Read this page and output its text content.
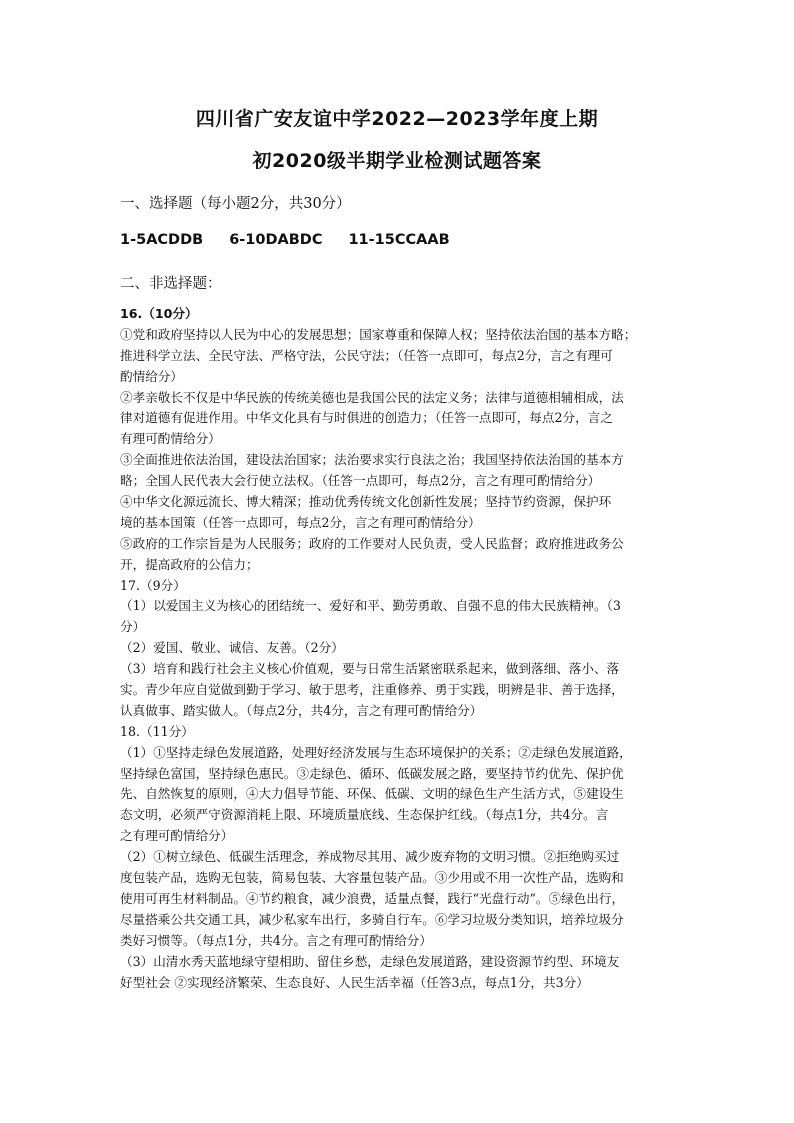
四川省广安友谊中学2022—2023学年度上期
初2020级半期学业检测试题答案
一、选择题（每小题2分，共30分）
1-5ACDDB 6-10DABDC 11-15CCAAB
二、非选择题：
16.（10分）
①党和政府坚持以人民为中心的发展思想；国家尊重和保障人权；坚持依法治国的基本方略；
推进科学立法、全民守法、严格守法，公民守法；（任答一点即可，每点2分，言之有理可
酌情给分）
②孝亲敬长不仅是中华民族的传统美德也是我国公民的法定义务；法律与道德相辅相成，法
律对道德有促进作用。中华文化具有与时俱进的创造力；（任答一点即可，每点2分，言之
有理可酌情给分）
③全面推进依法治国，建设法治国家；法治要求实行良法之治；我国坚持依法治国的基本方
略；全国人民代表大会行使立法权。（任答一点即可，每点2分，言之有理可酌情给分）
④中华文化源远流长、博大精深；推动优秀传统文化创新性发展；坚持节约资源，保护环
境的基本国策（任答一点即可，每点2分，言之有理可酌情给分）
⑤政府的工作宗旨是为人民服务；政府的工作要对人民负责，受人民监督；政府推进政务公
开，提高政府的公信力；
17.（9分）
（1）以爱国主义为核心的团结统一、爱好和平、勤劳勇敢、自强不息的伟大民族精神。（3
分）
（2）爱国、敬业、诚信、友善。（2分）
（3）培育和践行社会主义核心价值观，要与日常生活紧密联系起来，做到落细、落小、落
实。青少年应自觉做到勤于学习、敏于思考，注重修养、勇于实践，明辨是非、善于选择，
认真做事、踏实做人。（每点2分，共4分，言之有理可酌情给分）
18.（11分）
（1）①坚持走绿色发展道路，处理好经济发展与生态环境保护的关系；②走绿色发展道路，
坚持绿色富国，坚持绿色惠民。③走绿色、循环、低碳发展之路，要坚持节约优先、保护优
先、自然恢复的原则，④大力倡导节能、环保、低碳、文明的绿色生产生活方式，⑤建设生
态文明，必须严守资源消耗上限、环境质量底线、生态保护红线。（每点1分，共4分。言
之有理可酌情给分）
（2）①树立绿色、低碳生活理念，养成物尽其用、减少废弃物的文明习惯。②拒绝购买过
度包装产品，选购无包装，简易包装、大容量包装产品。③少用或不用一次性产品，选购和
使用可再生材料制品。④节约粮食，减少浪费，适量点餐，践行“光盘行动”。⑤绿色出行，
尽量搭乘公共交通工具，减少私家车出行，多骑自行车。⑥学习垃圾分类知识，培养垃圾分
类好习惯等。（每点1分，共4分。言之有理可酌情给分）
（3）山清水秀天蓝地绿守望相助、留住乡愁，走绿色发展道路，建设资源节约型、环境友
好型社会 ②实现经济繁荣、生态良好、人民生活幸福（任答3点，每点1分，共3分）
